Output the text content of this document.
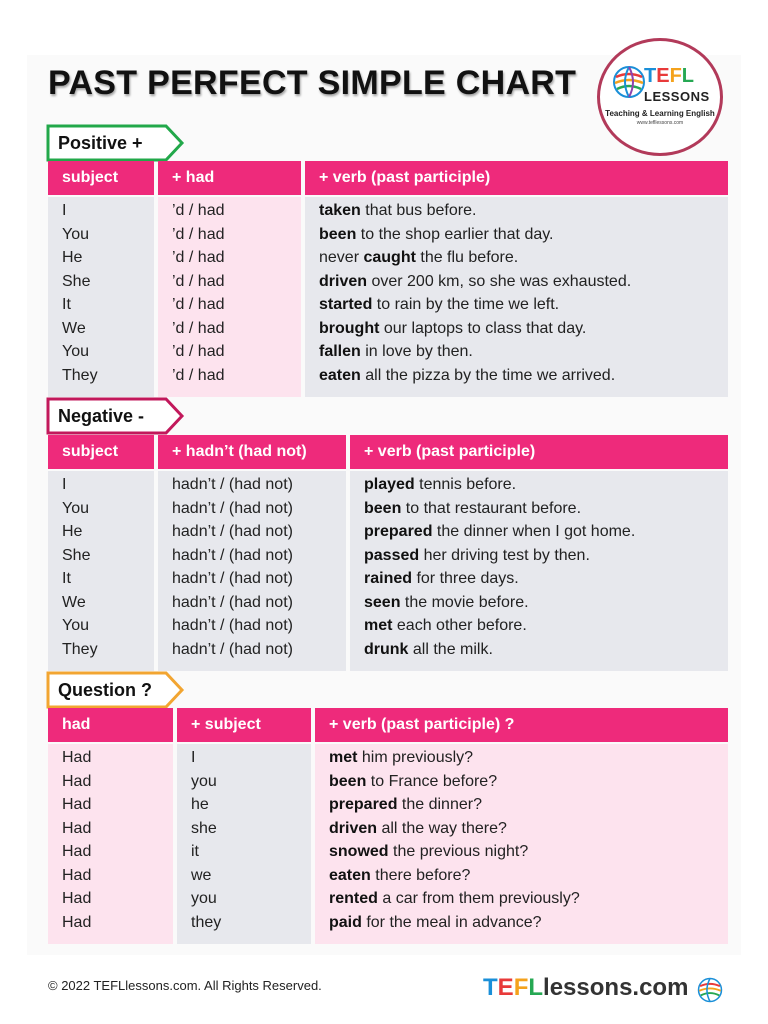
PAST PERFECT SIMPLE CHART	TEFL
LESSONS
Teaching & Learning English
www.tefllessons.com
Positive +
subject	+ had	+ verb (past participle)
I	’d / had	taken that bus before.
You	’d / had	been to the shop earlier that day.
He	’d / had	never caught the flu before.
She	’d / had	driven over 200 km, so she was exhausted.
It	’d / had	started to rain by the time we left.
We	’d / had	brought our laptops to class that day.
You	’d / had	fallen in love by then.
They	’d / had	eaten all the pizza by the time we arrived.
Negative -
subject	+ hadn’t (had not)	+ verb (past participle)
I	hadn’t / (had not)	played tennis before.
You	hadn’t / (had not)	been to that restaurant before.
He	hadn’t / (had not)	prepared the dinner when I got home.
She	hadn’t / (had not)	passed her driving test by then.
It	hadn’t / (had not)	rained for three days.
We	hadn’t / (had not)	seen the movie before.
You	hadn’t / (had not)	met each other before.
They	hadn’t / (had not)	drunk all the milk.
Question ?
had	+ subject	+ verb (past participle) ?
Had	I	met him previously?
Had	you	been to France before?
Had	he	prepared the dinner?
Had	she	driven all the way there?
Had	it	snowed the previous night?
Had	we	eaten there before?
Had	you	rented a car from them previously?
Had	they	paid for the meal in advance?
© 2022 TEFLlessons.com. All Rights Reserved.	TEFLlessons.com
